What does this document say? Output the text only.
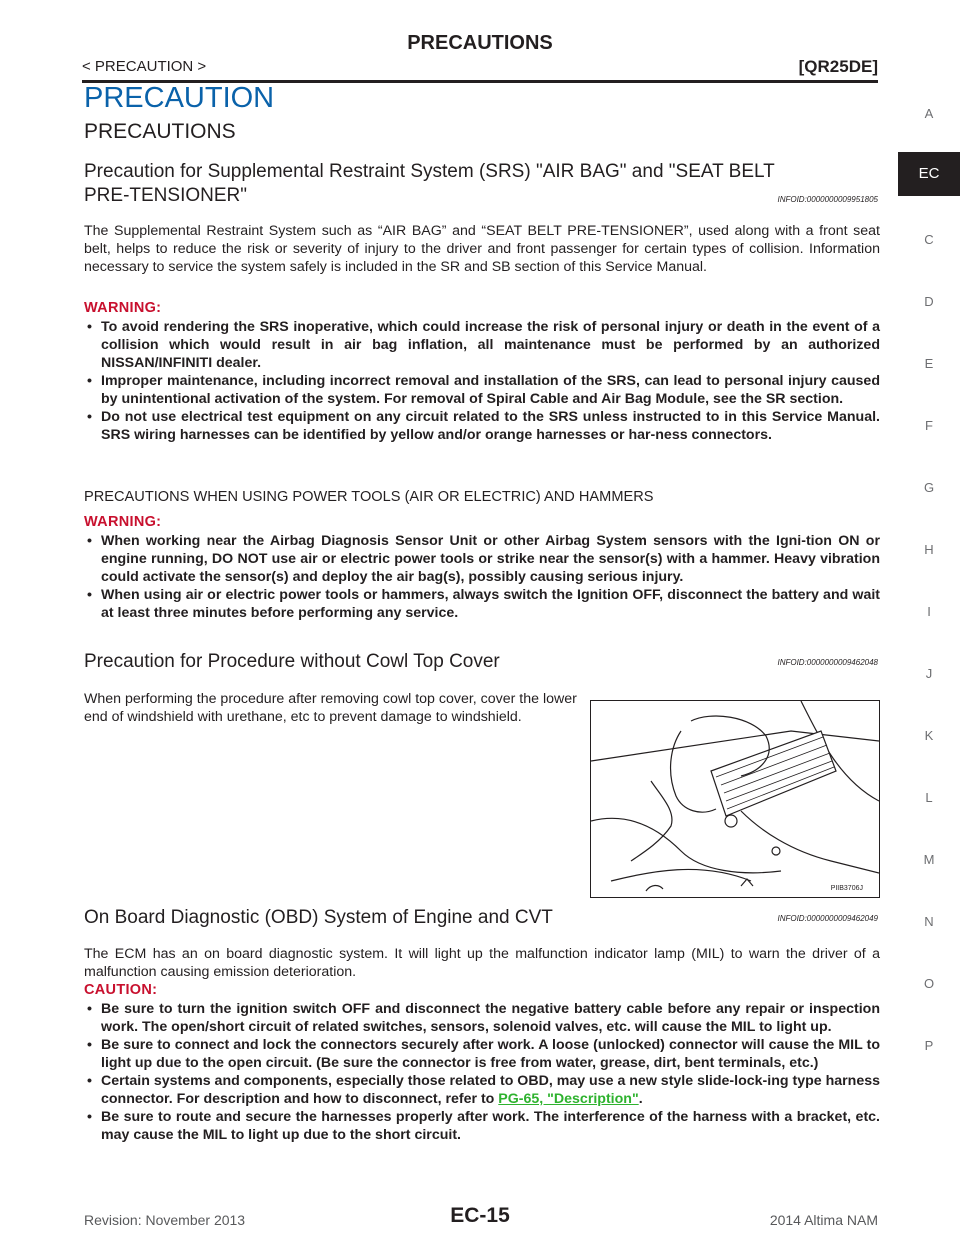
PRECAUTIONS
< PRECAUTION >	[QR25DE]
A
EC
C
D
E
F
G
H
I
J
K
L
M
N
O
P
PRECAUTION
PRECAUTIONS
Precaution for Supplemental Restraint System (SRS) "AIR BAG" and "SEAT BELT
PRE-TENSIONER"	INFOID:0000000009951805
The Supplemental Restraint System such as “AIR BAG” and “SEAT BELT PRE-TENSIONER”, used along with a front seat belt, helps to reduce the risk or severity of injury to the driver and front passenger for certain types of collision. Information necessary to service the system safely is included in the SR and SB section of this Service Manual.
WARNING:
• To avoid rendering the SRS inoperative, which could increase the risk of personal injury or death in the event of a collision which would result in air bag inflation, all maintenance must be performed by an authorized NISSAN/INFINITI dealer.
• Improper maintenance, including incorrect removal and installation of the SRS, can lead to personal injury caused by unintentional activation of the system. For removal of Spiral Cable and Air Bag Module, see the SR section.
• Do not use electrical test equipment on any circuit related to the SRS unless instructed to in this Service Manual. SRS wiring harnesses can be identified by yellow and/or orange harnesses or har-ness connectors.
PRECAUTIONS WHEN USING POWER TOOLS (AIR OR ELECTRIC) AND HAMMERS
WARNING:
• When working near the Airbag Diagnosis Sensor Unit or other Airbag System sensors with the Igni-tion ON or engine running, DO NOT use air or electric power tools or strike near the sensor(s) with a hammer. Heavy vibration could activate the sensor(s) and deploy the air bag(s), possibly causing serious injury.
• When using air or electric power tools or hammers, always switch the Ignition OFF, disconnect the battery and wait at least three minutes before performing any service.
Precaution for Procedure without Cowl Top Cover	INFOID:0000000009462048
When performing the procedure after removing cowl top cover, cover the lower end of windshield with urethane, etc to prevent damage to windshield.
PIIB3706J
On Board Diagnostic (OBD) System of Engine and CVT	INFOID:0000000009462049
The ECM has an on board diagnostic system. It will light up the malfunction indicator lamp (MIL) to warn the driver of a malfunction causing emission deterioration.
CAUTION:
• Be sure to turn the ignition switch OFF and disconnect the negative battery cable before any repair or inspection work. The open/short circuit of related switches, sensors, solenoid valves, etc. will cause the MIL to light up.
• Be sure to connect and lock the connectors securely after work. A loose (unlocked) connector will cause the MIL to light up due to the open circuit. (Be sure the connector is free from water, grease, dirt, bent terminals, etc.)
• Certain systems and components, especially those related to OBD, may use a new style slide-lock-ing type harness connector. For description and how to disconnect, refer to PG-65, "Description".
• Be sure to route and secure the harnesses properly after work. The interference of the harness with a bracket, etc. may cause the MIL to light up due to the short circuit.
Revision: November 2013	EC-15	2014 Altima NAM
